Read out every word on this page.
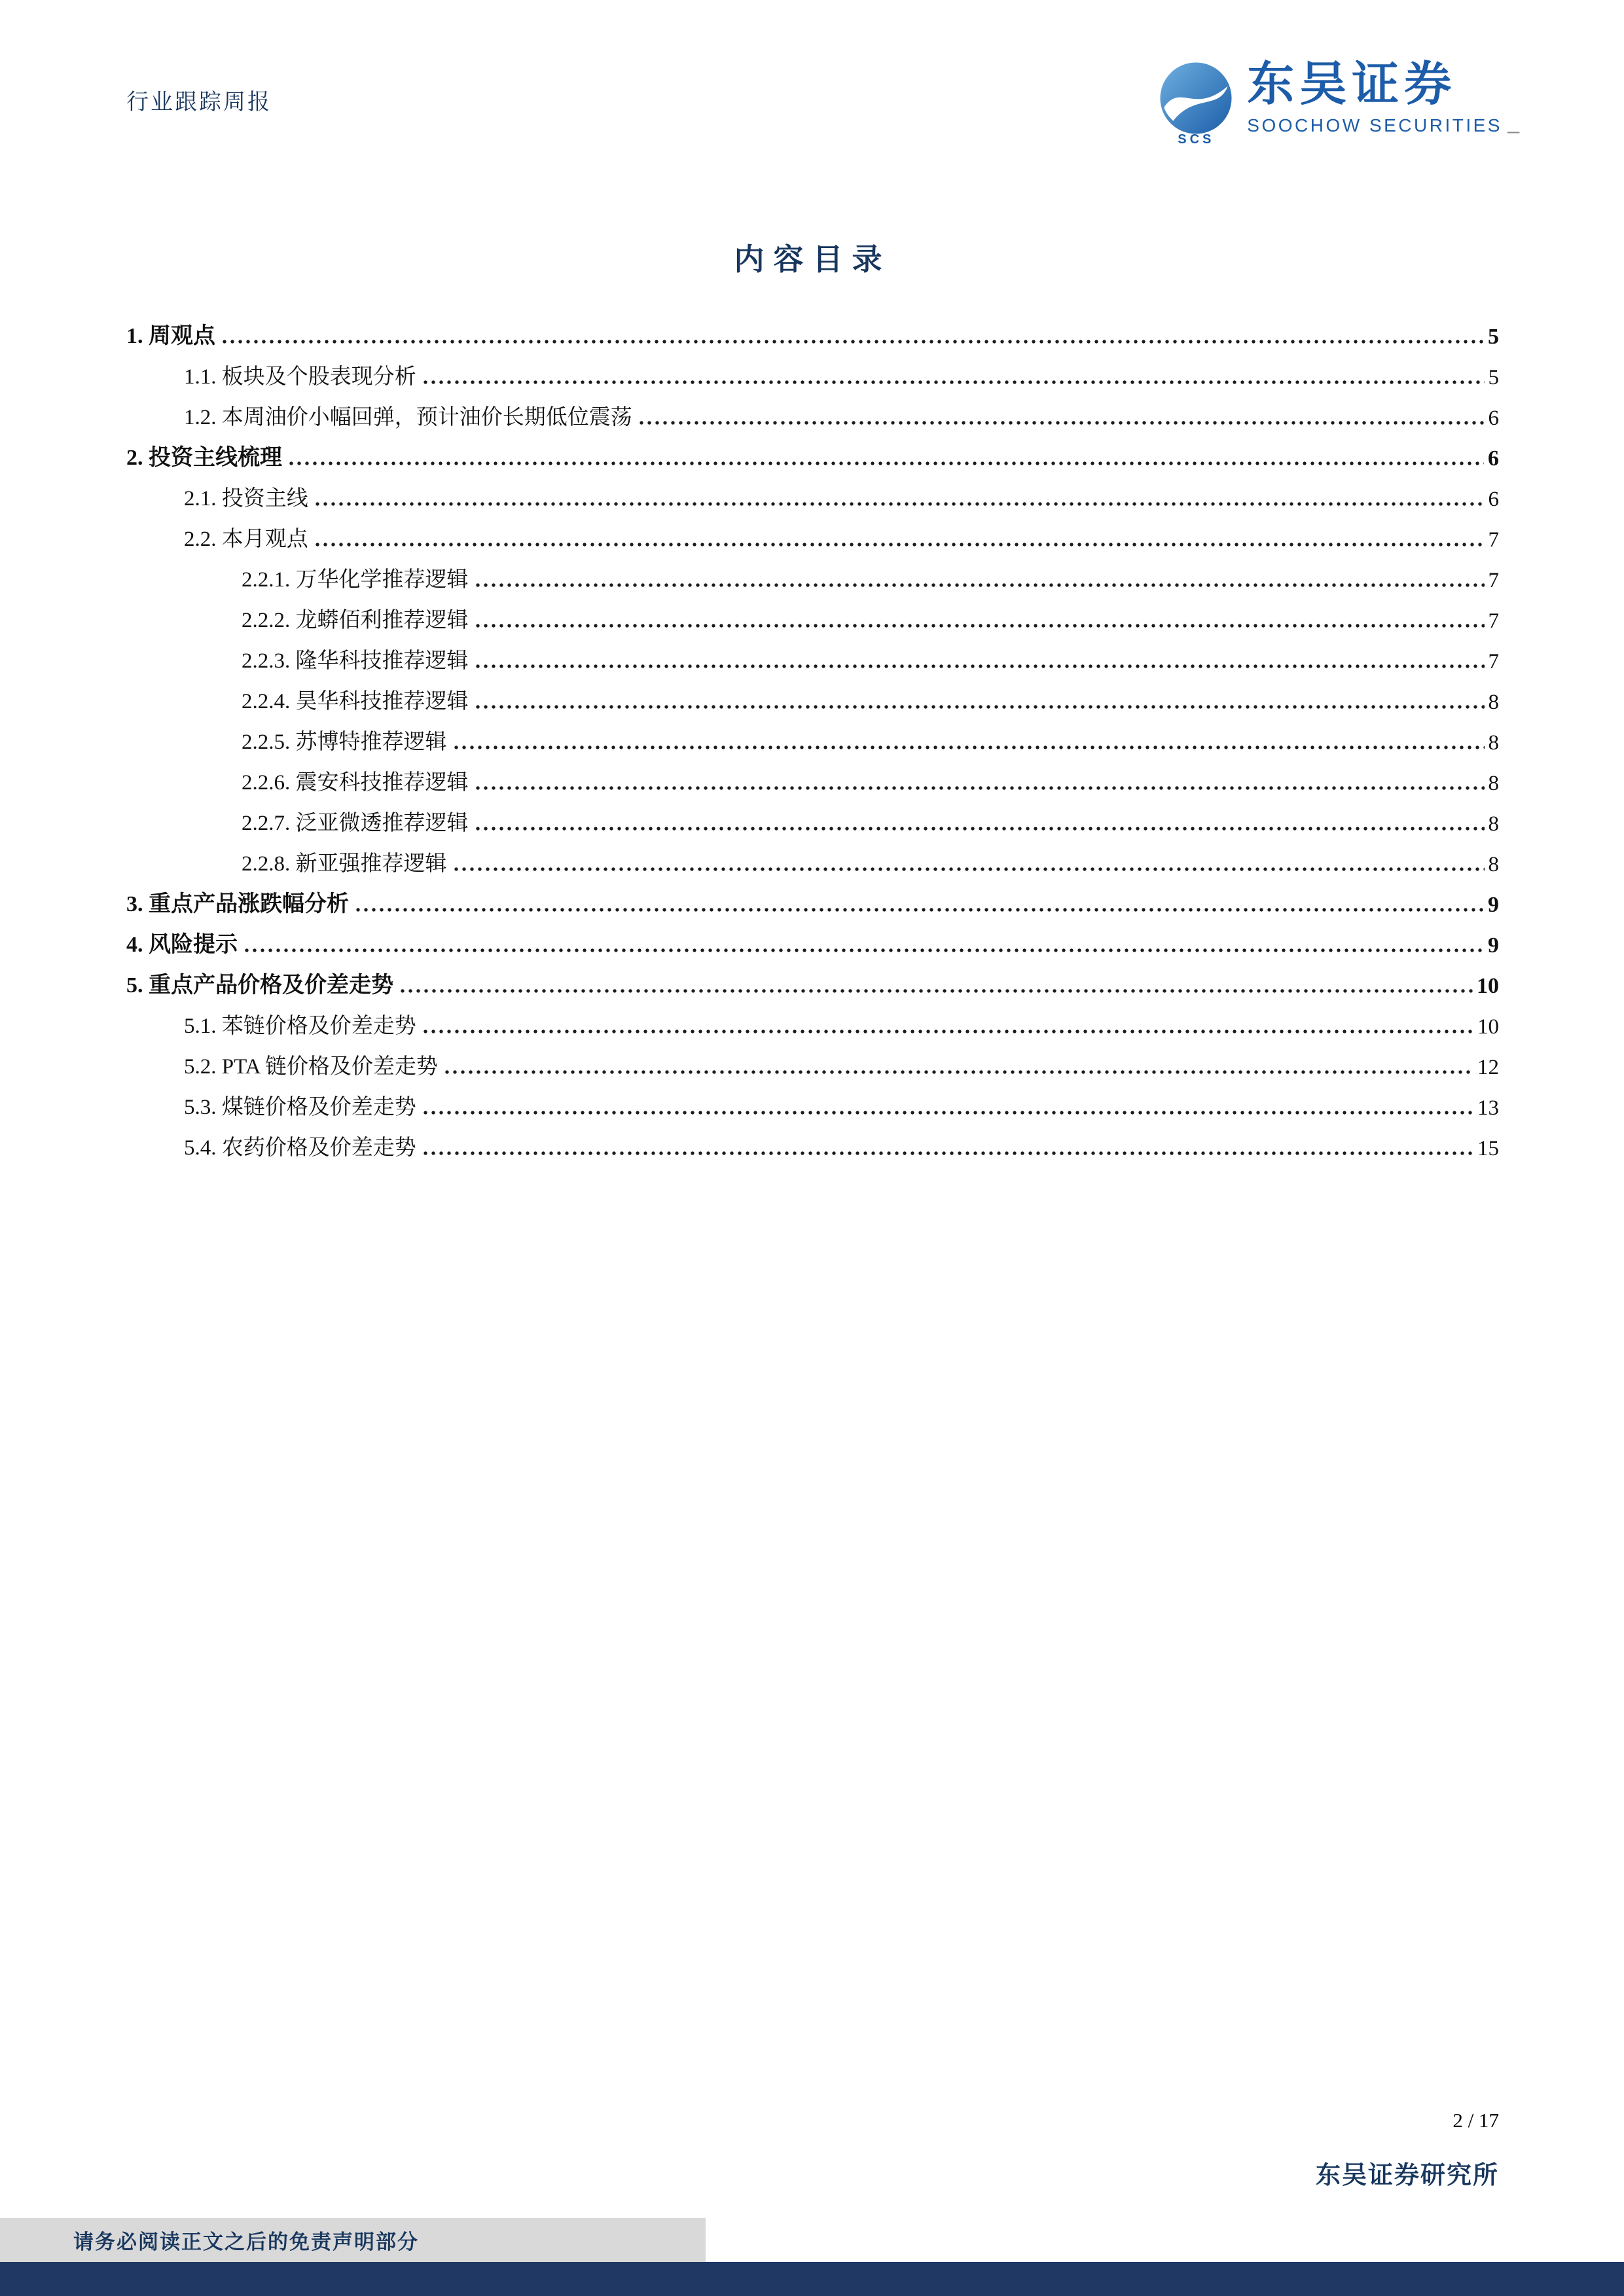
行业跟踪周报
SCS
东吴证券
SOOCHOW SECURITIES _
内容目录
1. 周观点	5
1.1. 板块及个股表现分析	5
1.2. 本周油价小幅回弹，预计油价长期低位震荡	6
2. 投资主线梳理	6
2.1. 投资主线	6
2.2. 本月观点	7
2.2.1. 万华化学推荐逻辑	7
2.2.2. 龙蟒佰利推荐逻辑	7
2.2.3. 隆华科技推荐逻辑	7
2.2.4. 昊华科技推荐逻辑	8
2.2.5. 苏博特推荐逻辑	8
2.2.6. 震安科技推荐逻辑	8
2.2.7. 泛亚微透推荐逻辑	8
2.2.8. 新亚强推荐逻辑	8
3. 重点产品涨跌幅分析	9
4. 风险提示	9
5. 重点产品价格及价差走势	10
5.1. 苯链价格及价差走势	10
5.2. PTA 链价格及价差走势	12
5.3. 煤链价格及价差走势	13
5.4. 农药价格及价差走势	15
2 / 17
东吴证券研究所
请务必阅读正文之后的免责声明部分
